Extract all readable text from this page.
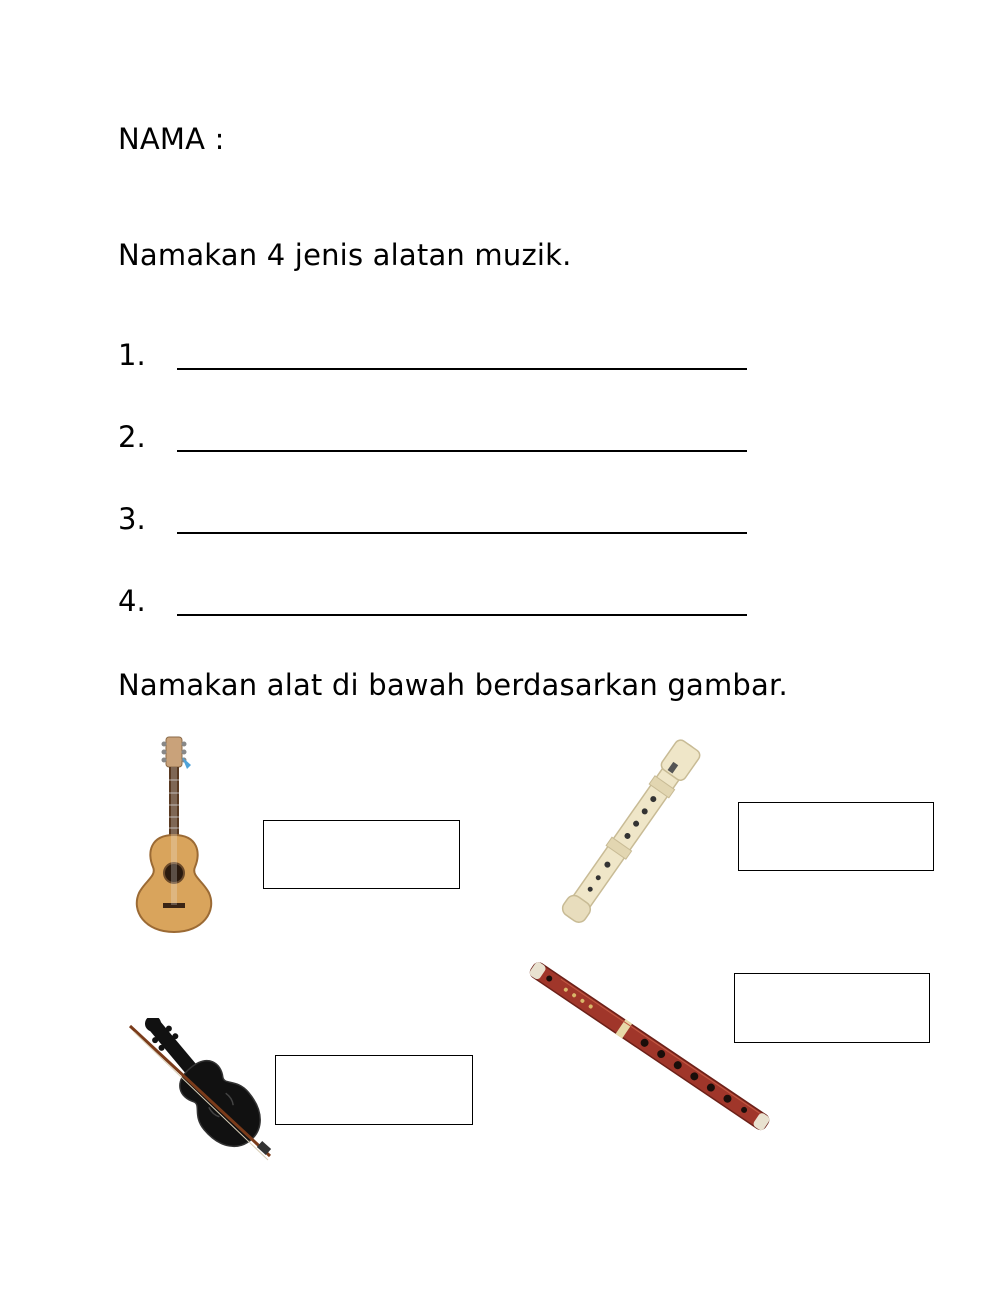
NAMA :
Namakan 4 jenis alatan muzik.
1.
2.
3.
4.
Namakan alat di bawah berdasarkan gambar.
